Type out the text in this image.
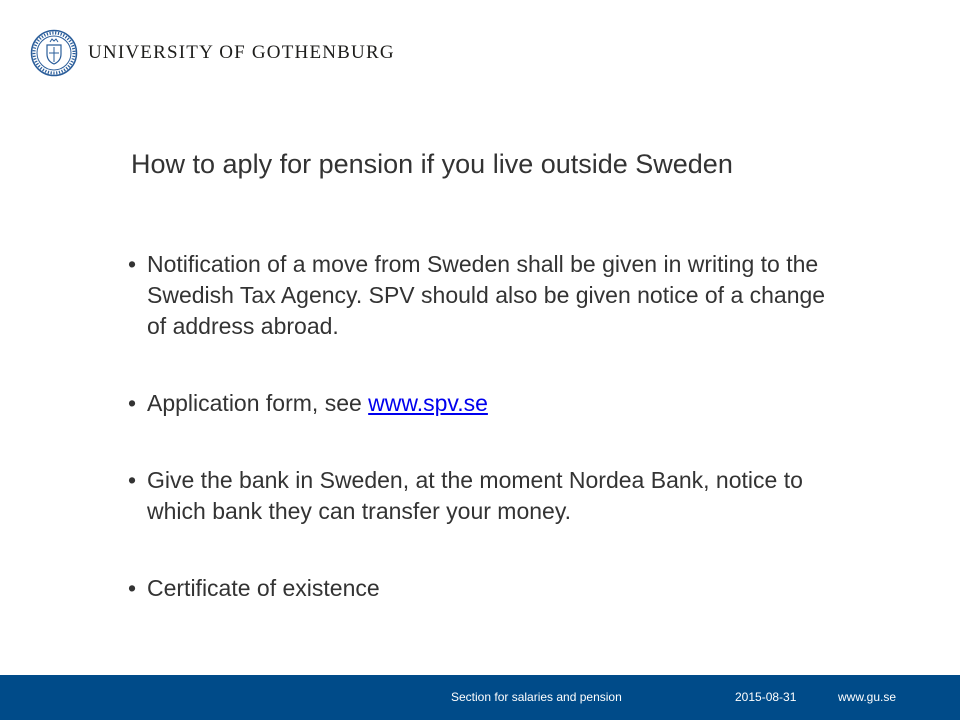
UNIVERSITY OF GOTHENBURG
How to aply for pension if you live outside Sweden
• Notification of a move from Sweden shall be given in writing to the Swedish Tax Agency. SPV should also be given notice of a change of address abroad.
• Application form, see www.spv.se
• Give the bank in Sweden, at the moment Nordea Bank, notice to which bank they can transfer your money.
• Certificate of existence
Section for salaries and pension	2015-08-31	www.gu.se
